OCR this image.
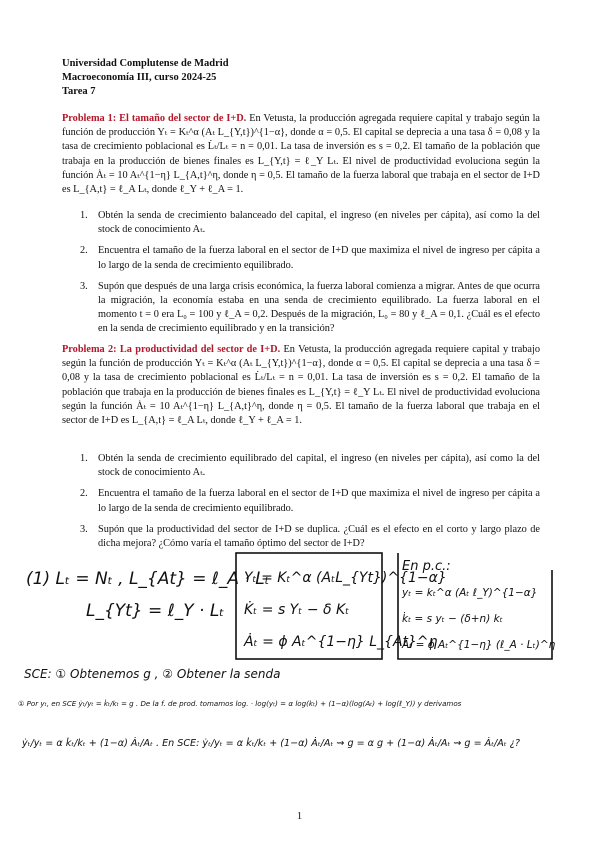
Universidad Complutense de Madrid
Macroeconomía III, curso 2024-25
Tarea 7
Problema 1: El tamaño del sector de I+D. En Vetusta, la producción agregada requiere capital y trabajo según la función de producción Yₜ = Kₜ^α (Aₜ L_{Y,t})^{1−α}, donde α = 0,5. El capital se deprecia a una tasa δ = 0,08 y la tasa de crecimiento poblacional es L̇ₜ/Lₜ = n = 0,01. La tasa de inversión es s = 0,2. El tamaño de la población que trabaja en la producción de bienes finales es L_{Y,t} = ℓ_Y Lₜ. El nivel de productividad evoluciona según la función Ȧₜ = 10 Aₜ^{1−η} L_{A,t}^η, donde η = 0,5. El tamaño de la fuerza laboral que trabaja en el sector de I+D es L_{A,t} = ℓ_A Lₜ, donde ℓ_Y + ℓ_A = 1.
1. Obtén la senda de crecimiento balanceado del capital, el ingreso (en niveles per cápita), así como la del stock de conocimiento Aₜ.
2. Encuentra el tamaño de la fuerza laboral en el sector de I+D que maximiza el nivel de ingreso per cápita a lo largo de la senda de crecimiento equilibrado.
3. Supón que después de una larga crisis económica, la fuerza laboral comienza a migrar. Antes de que ocurra la migración, la economía estaba en una senda de crecimiento equilibrado. La fuerza laboral en el momento t = 0 era L₀ = 100 y ℓ_A = 0,2. Después de la migración, L₀ = 80 y ℓ_A = 0,1. ¿Cuál es el efecto en la senda de crecimiento equilibrado y en la transición?
Problema 2: La productividad del sector de I+D. En Vetusta, la producción agregada requiere capital y trabajo según la función de producción Yₜ = Kₜ^α (Aₜ L_{Y,t})^{1−α}, donde α = 0,5. El capital se deprecia a una tasa δ = 0,08 y la tasa de crecimiento poblacional es L̇ₜ/Lₜ = n = 0,01. La tasa de inversión es s = 0,2. El tamaño de la población que trabaja en la producción de bienes finales es L_{Y,t} = ℓ_Y Lₜ. El nivel de productividad evoluciona según la función Ȧₜ = 10 Aₜ^{1−η} L_{A,t}^η, donde η = 0,5. El tamaño de la fuerza laboral que trabaja en el sector de I+D es L_{A,t} = ℓ_A Lₜ, donde ℓ_Y + ℓ_A = 1.
1. Obtén la senda de crecimiento equilibrado del capital, el ingreso (en niveles per cápita), así como la del stock de conocimiento Aₜ.
2. Encuentra el tamaño de la fuerza laboral en el sector de I+D que maximiza el nivel de ingreso per cápita a lo largo de la senda de crecimiento equilibrado.
3. Supón que la productividad del sector de I+D se duplica. ¿Cuál es el efecto en el corto y largo plazo de dicha mejora? ¿Cómo varía el tamaño óptimo del sector de I+D?
(1) Lₜ = Nₜ , L_{At} = ℓ_A · Lₜ
L_{Yt} = ℓ_Y · Lₜ
Yₜ = Kₜ^α (AₜL_{Yt})^{1−α}
K̇ₜ = s Yₜ − δ Kₜ
Ȧₜ = ϕ Aₜ^{1−η} L_{At}^η
En p.c.:
yₜ = kₜ^α (Aₜ ℓ_Y)^{1−α}
k̇ₜ = s yₜ − (δ+n) kₜ
Ȧₜ = ϕ Aₜ^{1−η} (ℓ_A · Lₜ)^η
SCE: ① Obtenemos g , ② Obtener la senda
① Por yₜ, en SCE ẏₜ/yₜ = k̇ₜ/kₜ = g . De la f. de prod. tomamos log. · log(yₜ) = α log(kₜ) + (1−α)(log(Aₜ) + log(ℓ_Y)) y derivamos
ẏₜ/yₜ = α k̇ₜ/kₜ + (1−α) Ȧₜ/Aₜ . En SCE: ẏₜ/yₜ = α k̇ₜ/kₜ + (1−α) Ȧₜ/Aₜ ⇝ g = α g + (1−α) Ȧₜ/Aₜ ⇝ g = Ȧₜ/Aₜ ¿?
1
